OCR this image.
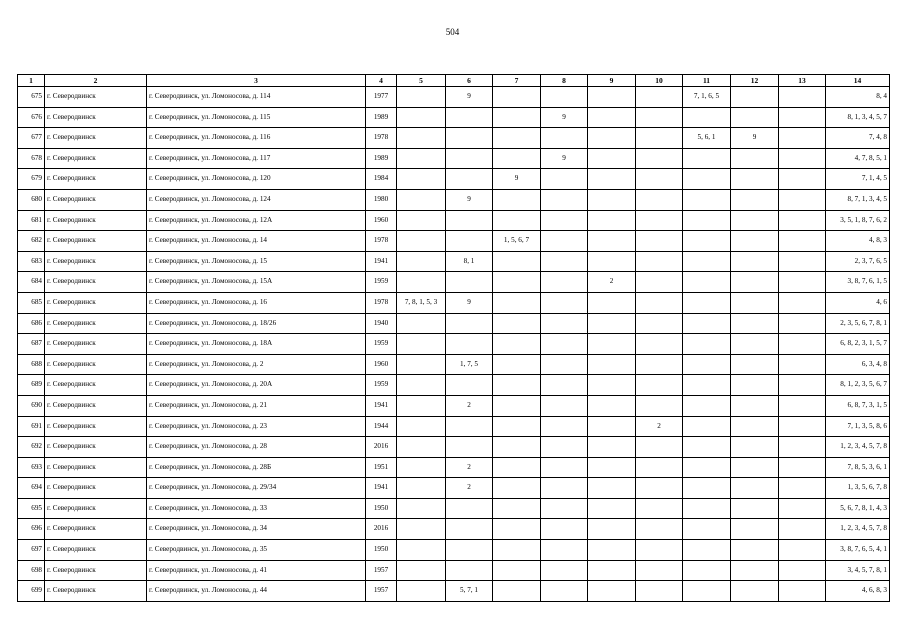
504
1	2	3	4	5	6	7	8	9	10	11	12	13	14
675	г. Северодвинск	г. Северодвинск, ул. Ломоносова, д. 114	1977		9					7, 1, 6, 5			8, 4
676	г. Северодвинск	г. Северодвинск, ул. Ломоносова, д. 115	1989				9						8, 1, 3, 4, 5, 7
677	г. Северодвинск	г. Северодвинск, ул. Ломоносова, д. 116	1978							5, 6, 1	9		7, 4, 8
678	г. Северодвинск	г. Северодвинск, ул. Ломоносова, д. 117	1989				9						4, 7, 8, 5, 1
679	г. Северодвинск	г. Северодвинск, ул. Ломоносова, д. 120	1984			9							7, 1, 4, 5
680	г. Северодвинск	г. Северодвинск, ул. Ломоносова, д. 124	1980		9								8, 7, 1, 3, 4, 5
681	г. Северодвинск	г. Северодвинск, ул. Ломоносова, д. 12А	1960										3, 5, 1, 8, 7, 6, 2
682	г. Северодвинск	г. Северодвинск, ул. Ломоносова, д. 14	1978			1, 5, 6, 7							4, 8, 3
683	г. Северодвинск	г. Северодвинск, ул. Ломоносова, д. 15	1941		8, 1								2, 3, 7, 6, 5
684	г. Северодвинск	г. Северодвинск, ул. Ломоносова, д. 15А	1959					2					3, 8, 7, 6, 1, 5
685	г. Северодвинск	г. Северодвинск, ул. Ломоносова, д. 16	1978	7, 8, 1, 5, 3	9								4, 6
686	г. Северодвинск	г. Северодвинск, ул. Ломоносова, д. 18/26	1940										2, 3, 5, 6, 7, 8, 1
687	г. Северодвинск	г. Северодвинск, ул. Ломоносова, д. 18А	1959										6, 8, 2, 3, 1, 5, 7
688	г. Северодвинск	г. Северодвинск, ул. Ломоносова, д. 2	1960		1, 7, 5								6, 3, 4, 8
689	г. Северодвинск	г. Северодвинск, ул. Ломоносова, д. 20А	1959										8, 1, 2, 3, 5, 6, 7
690	г. Северодвинск	г. Северодвинск, ул. Ломоносова, д. 21	1941		2								6, 8, 7, 3, 1, 5
691	г. Северодвинск	г. Северодвинск, ул. Ломоносова, д. 23	1944						2				7, 1, 3, 5, 8, 6
692	г. Северодвинск	г. Северодвинск, ул. Ломоносова, д. 28	2016										1, 2, 3, 4, 5, 7, 8
693	г. Северодвинск	г. Северодвинск, ул. Ломоносова, д. 28Б	1951		2								7, 8, 5, 3, 6, 1
694	г. Северодвинск	г. Северодвинск, ул. Ломоносова, д. 29/34	1941		2								1, 3, 5, 6, 7, 8
695	г. Северодвинск	г. Северодвинск, ул. Ломоносова, д. 33	1950										5, 6, 7, 8, 1, 4, 3
696	г. Северодвинск	г. Северодвинск, ул. Ломоносова, д. 34	2016										1, 2, 3, 4, 5, 7, 8
697	г. Северодвинск	г. Северодвинск, ул. Ломоносова, д. 35	1950										3, 8, 7, 6, 5, 4, 1
698	г. Северодвинск	г. Северодвинск, ул. Ломоносова, д. 41	1957										3, 4, 5, 7, 8, 1
699	г. Северодвинск	г. Северодвинск, ул. Ломоносова, д. 44	1957		5, 7, 1								4, 6, 8, 3
